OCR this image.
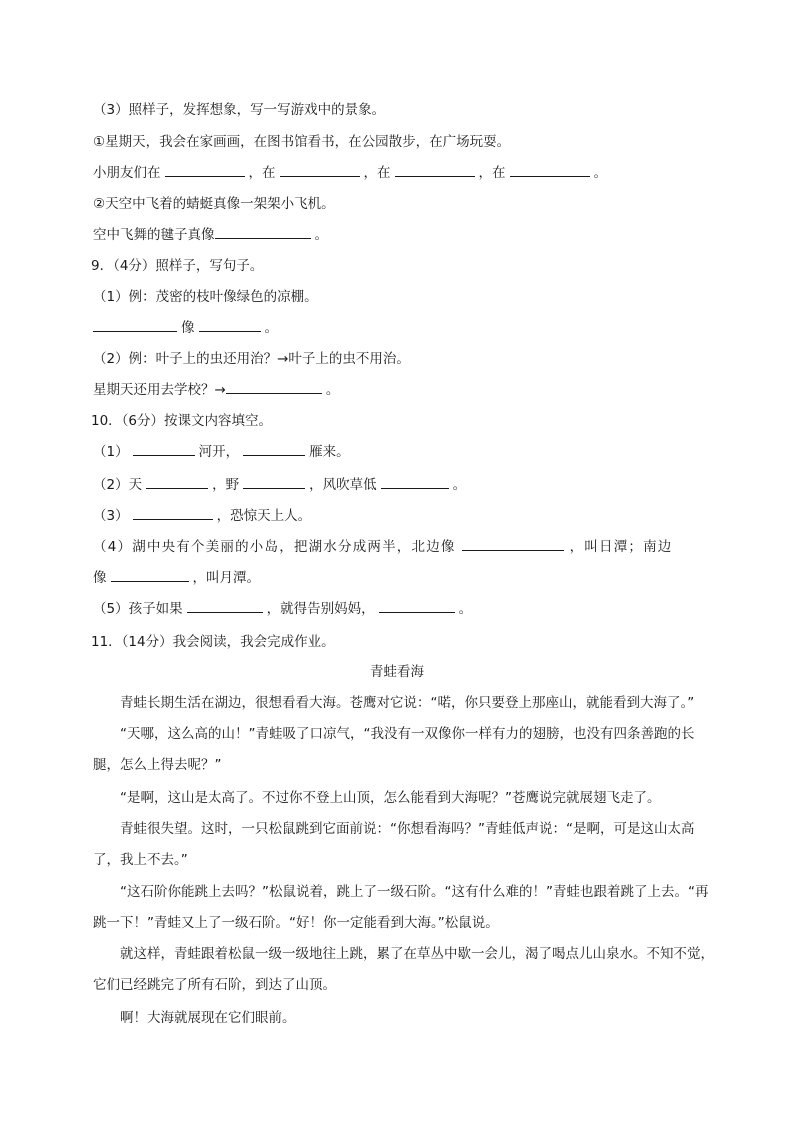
（3）照样子，发挥想象，写一写游戏中的景象。
①星期天，我会在家画画，在图书馆看书，在公园散步，在广场玩耍。
小朋友们在	，在	，在	，在	。
②天空中飞着的蜻蜓真像一架架小飞机。
空中飞舞的毽子真像	。
9．（4分）照样子，写句子。
（1）例：茂密的枝叶像绿色的凉棚。
像	。
（2）例：叶子上的虫还用治？→叶子上的虫不用治。
星期天还用去学校？→	。
10．（6分）按课文内容填空。
（1）	河开，	雁来。
（2）天	，野	，风吹草低	。
（3）	，恐惊天上人。
（4）湖中央有个美丽的小岛，把湖水分成两半，北边像	，叫日潭；南边
像	，叫月潭。
（5）孩子如果	，就得告别妈妈，	。
11．（14分）我会阅读，我会完成作业。
青蛙看海
青蛙长期生活在湖边，很想看看大海。苍鹰对它说：“喏，你只要登上那座山，就能看到大海了。”
“天哪，这么高的山！”青蛙吸了口凉气，“我没有一双像你一样有力的翅膀，也没有四条善跑的长腿，怎么上得去呢？”
“是啊，这山是太高了。不过你不登上山顶，怎么能看到大海呢？”苍鹰说完就展翅飞走了。
青蛙很失望。这时，一只松鼠跳到它面前说：“你想看海吗？”青蛙低声说：“是啊，可是这山太高了，我上不去。”
“这石阶你能跳上去吗？”松鼠说着，跳上了一级石阶。“这有什么难的！”青蛙也跟着跳了上去。“再跳一下！”青蛙又上了一级石阶。“好！你一定能看到大海。”松鼠说。
就这样，青蛙跟着松鼠一级一级地往上跳，累了在草丛中歇一会儿，渴了喝点儿山泉水。不知不觉，它们已经跳完了所有石阶，到达了山顶。
啊！大海就展现在它们眼前。
